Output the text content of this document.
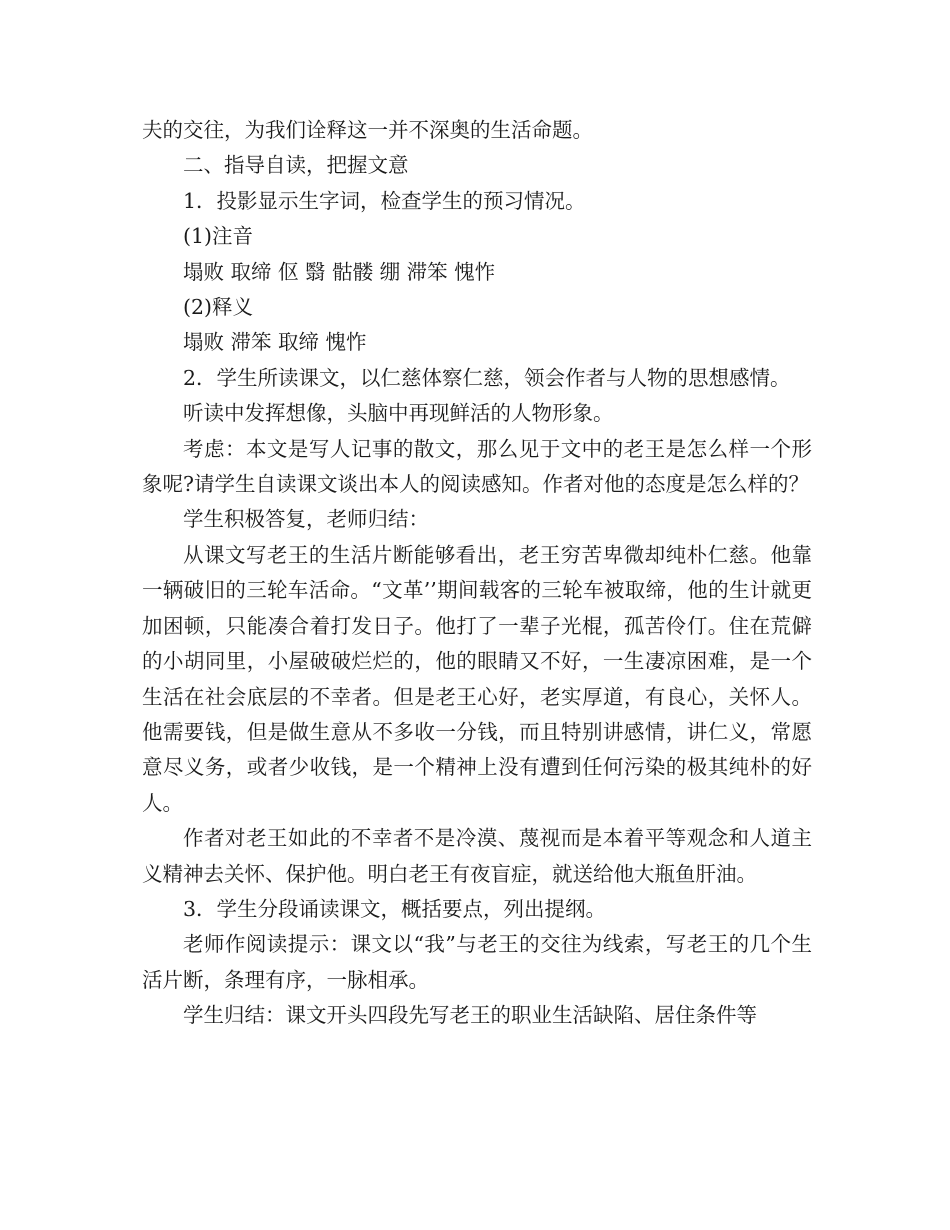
夫的交往，为我们诠释这一并不深奥的生活命题。

二、指导自读，把握文意

1．投影显示生字词，检查学生的预习情况。

(1)注音

塌败 取缔 伛 翳 骷髅 绷 滞笨 愧怍

(2)释义

塌败 滞笨 取缔 愧怍

2．学生所读课文，以仁慈体察仁慈，领会作者与人物的思想感情。

听读中发挥想像，头脑中再现鲜活的人物形象。

考虑：本文是写人记事的散文，那么见于文中的老王是怎么样一个形象呢?请学生自读课文谈出本人的阅读感知。作者对他的态度是怎么样的？

学生积极答复，老师归结：

从课文写老王的生活片断能够看出，老王穷苦卑微却纯朴仁慈。他靠一辆破旧的三轮车活命。“文革’’期间载客的三轮车被取缔，他的生计就更加困顿，只能凑合着打发日子。他打了一辈子光棍，孤苦伶仃。住在荒僻的小胡同里，小屋破破烂烂的，他的眼睛又不好，一生凄凉困难，是一个生活在社会底层的不幸者。但是老王心好，老实厚道，有良心，关怀人。他需要钱，但是做生意从不多收一分钱，而且特别讲感情，讲仁义，常愿意尽义务，或者少收钱，是一个精神上没有遭到任何污染的极其纯朴的好人。

作者对老王如此的不幸者不是冷漠、蔑视而是本着平等观念和人道主义精神去关怀、保护他。明白老王有夜盲症，就送给他大瓶鱼肝油。

3．学生分段诵读课文，概括要点，列出提纲。

老师作阅读提示：课文以“我”与老王的交往为线索，写老王的几个生活片断，条理有序，一脉相承。

学生归结：课文开头四段先写老王的职业生活缺陷、居住条件等
